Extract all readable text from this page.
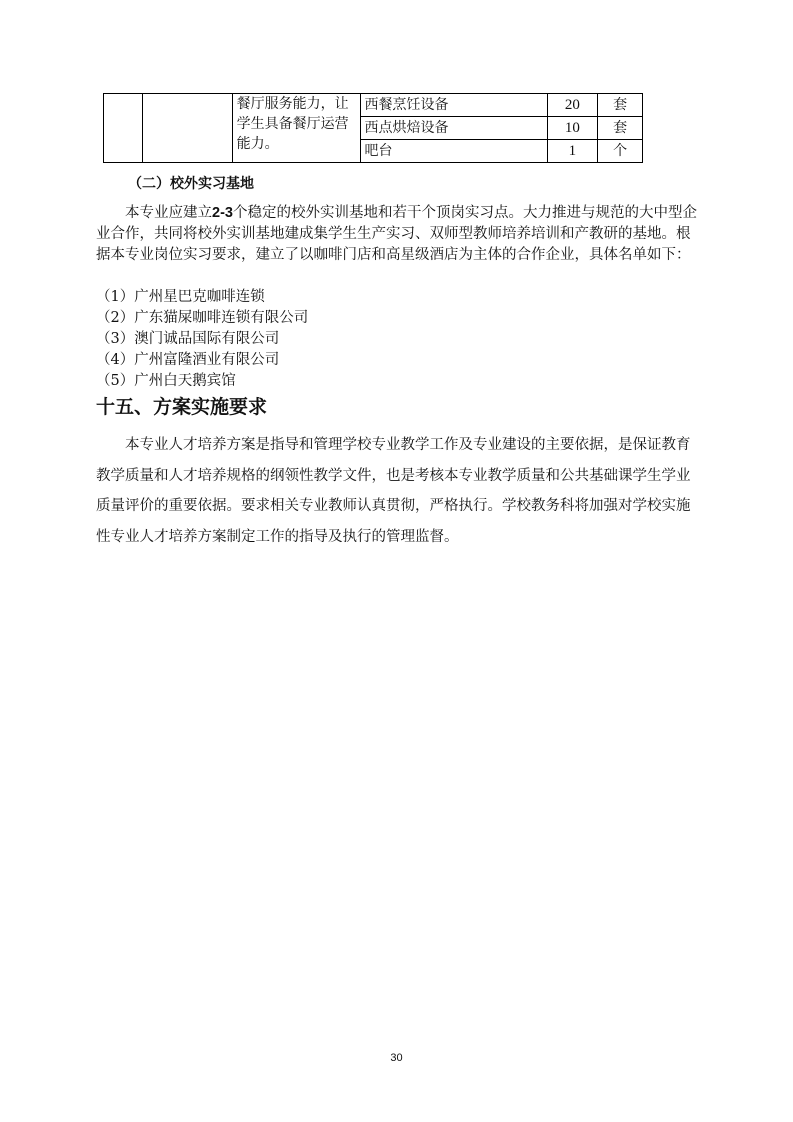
		餐厅服务能力，让学生具备餐厅运营能力。	西餐烹饪设备	20	套
			西点烘焙设备	10	套
			吧台	1	个
（二）校外实习基地

本专业应建立2-3个稳定的校外实训基地和若干个顶岗实习点。大力推进与规范的大中型企业合作，共同将校外实训基地建成集学生生产实习、双师型教师培养培训和产教研的基地。根据本专业岗位实习要求，建立了以咖啡门店和高星级酒店为主体的合作企业，具体名单如下：

（1）广州星巴克咖啡连锁
（2）广东猫屎咖啡连锁有限公司
（3）澳门诚品国际有限公司
（4）广州富隆酒业有限公司
（5）广州白天鹅宾馆
十五、方案实施要求

本专业人才培养方案是指导和管理学校专业教学工作及专业建设的主要依据，是保证教育教学质量和人才培养规格的纲领性教学文件，也是考核本专业教学质量和公共基础课学生学业质量评价的重要依据。要求相关专业教师认真贯彻，严格执行。学校教务科将加强对学校实施性专业人才培养方案制定工作的指导及执行的管理监督。

30
